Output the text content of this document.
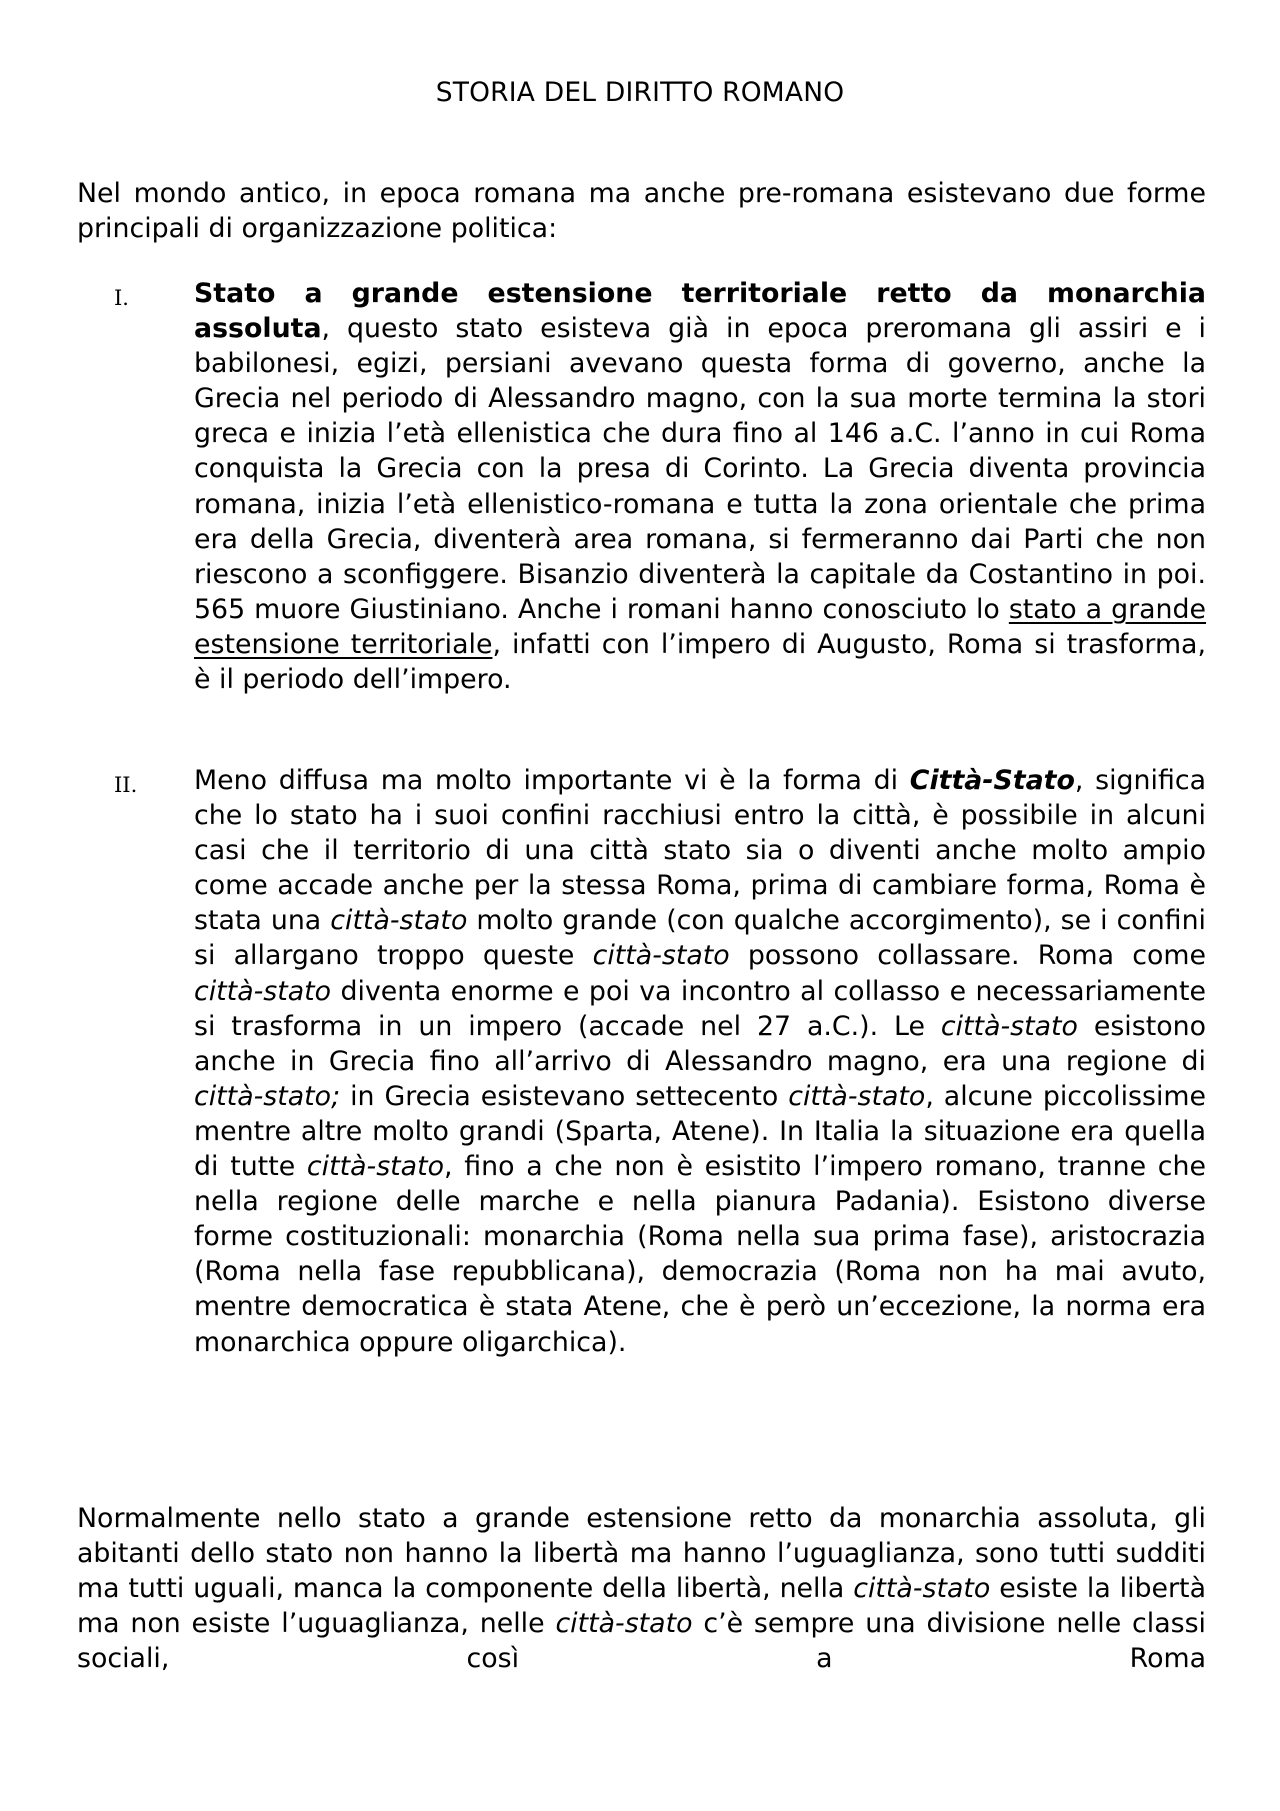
STORIA DEL DIRITTO ROMANO

Nel mondo antico, in epoca romana ma anche pre-romana esistevano due forme principali di organizzazione politica:

I. Stato a grande estensione territoriale retto da monarchia assoluta, questo stato esisteva già in epoca preromana gli assiri e i babilonesi, egizi, persiani avevano questa forma di governo, anche la Grecia nel periodo di Alessandro magno, con la sua morte termina la stori greca e inizia l’età ellenistica che dura fino al 146 a.C. l’anno in cui Roma conquista la Grecia con la presa di Corinto. La Grecia diventa provincia romana, inizia l’età ellenistico-romana e tutta la zona orientale che prima era della Grecia, diventerà area romana, si fermeranno dai Parti che non riescono a sconfiggere. Bisanzio diventerà la capitale da Costantino in poi. 565 muore Giustiniano. Anche i romani hanno conosciuto lo stato a grande estensione territoriale, infatti con l’impero di Augusto, Roma si trasforma, è il periodo dell’impero.

II. Meno diffusa ma molto importante vi è la forma di Città-Stato, significa che lo stato ha i suoi confini racchiusi entro la città, è possibile in alcuni casi che il territorio di una città stato sia o diventi anche molto ampio come accade anche per la stessa Roma, prima di cambiare forma, Roma è stata una città-stato molto grande (con qualche accorgimento), se i confini si allargano troppo queste città-stato possono collassare. Roma come città-stato diventa enorme e poi va incontro al collasso e necessariamente si trasforma in un impero (accade nel 27 a.C.). Le città-stato esistono anche in Grecia fino all’arrivo di Alessandro magno, era una regione di città-stato; in Grecia esistevano settecento città-stato, alcune piccolissime mentre altre molto grandi (Sparta, Atene). In Italia la situazione era quella di tutte città-stato, fino a che non è esistito l’impero romano, tranne che nella regione delle marche e nella pianura Padania). Esistono diverse forme costituzionali: monarchia (Roma nella sua prima fase), aristocrazia (Roma nella fase repubblicana), democrazia (Roma non ha mai avuto, mentre democratica è stata Atene, che è però un’eccezione, la norma era monarchica oppure oligarchica).

Normalmente nello stato a grande estensione retto da monarchia assoluta, gli abitanti dello stato non hanno la libertà ma hanno l’uguaglianza, sono tutti sudditi ma tutti uguali, manca la componente della libertà, nella città-stato esiste la libertà ma non esiste l’uguaglianza, nelle città-stato c’è sempre una divisione nelle classi sociali, così a Roma
